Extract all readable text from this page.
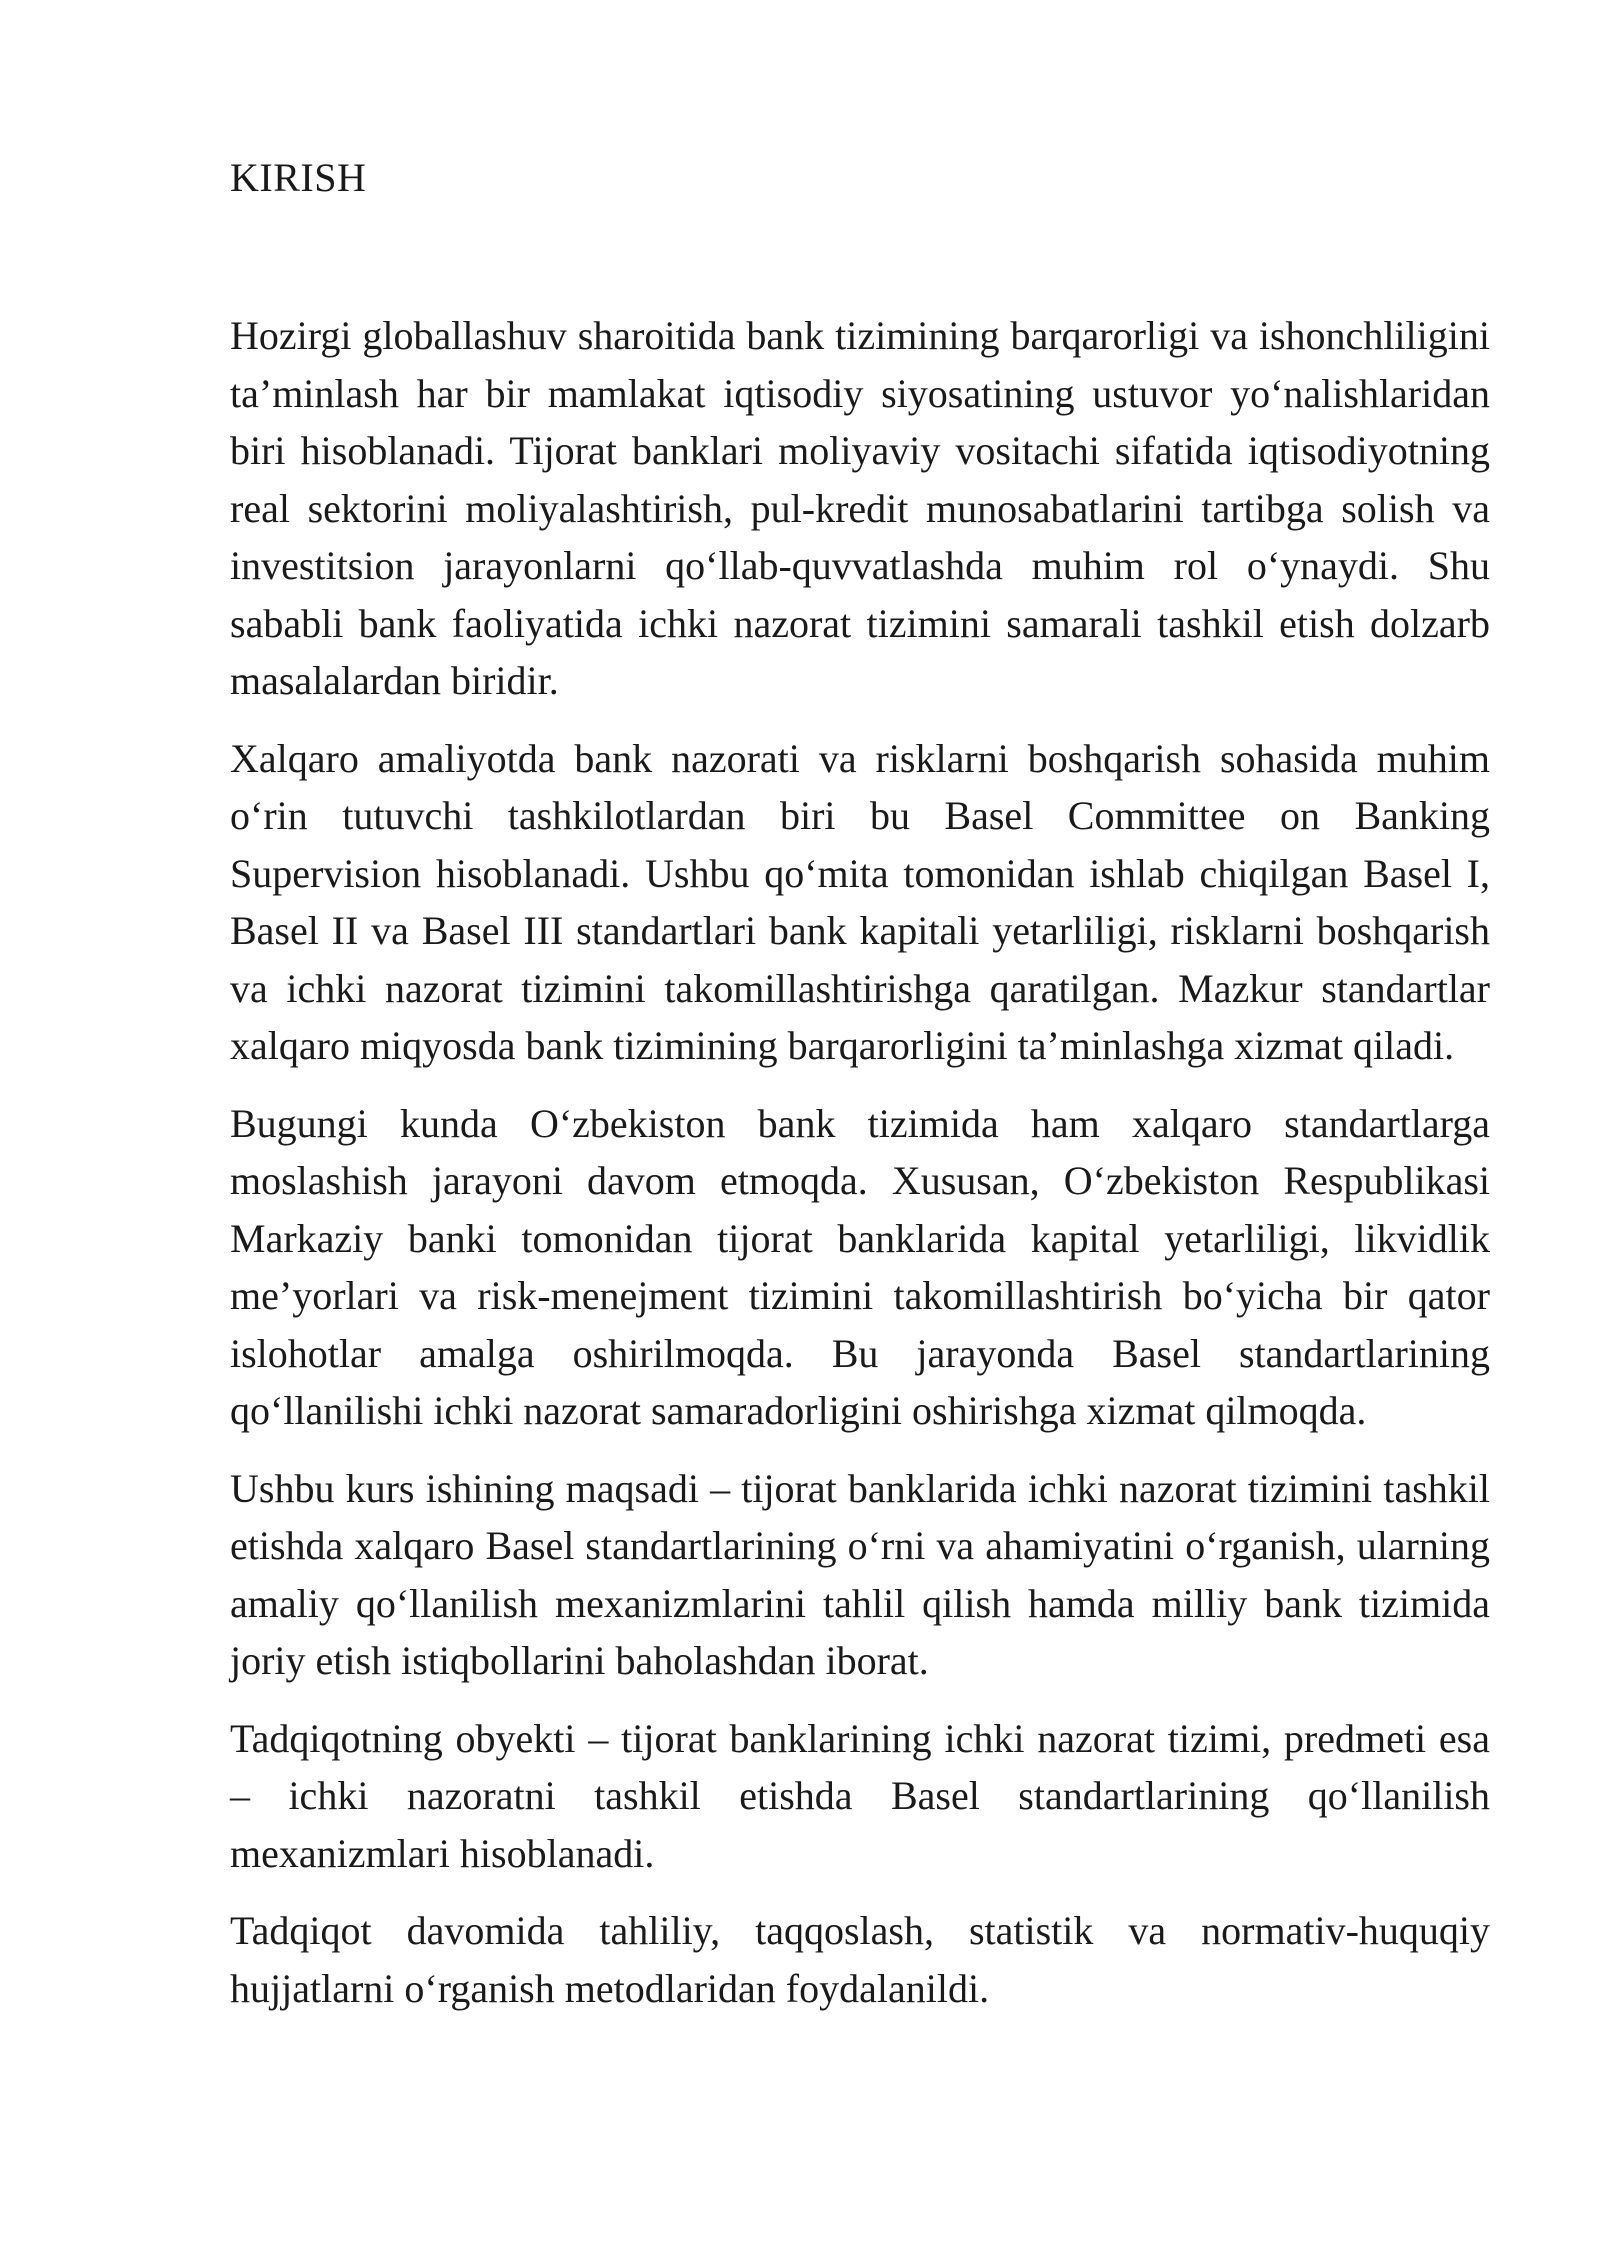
KIRISH

Hozirgi globallashuv sharoitida bank tizimining barqarorligi va ishonchliligini ta’minlash har bir mamlakat iqtisodiy siyosatining ustuvor yo‘nalishlaridan biri hisoblanadi. Tijorat banklari moliyaviy vositachi sifatida iqtisodiyotning real sektorini moliyalashtirish, pul-kredit munosabatlarini tartibga solish va investitsion jarayonlarni qo‘llab-quvvatlashda muhim rol o‘ynaydi. Shu sababli bank faoliyatida ichki nazorat tizimini samarali tashkil etish dolzarb masalalardan biridir.

Xalqaro amaliyotda bank nazorati va risklarni boshqarish sohasida muhim o‘rin tutuvchi tashkilotlardan biri bu Basel Committee on Banking Supervision hisoblanadi. Ushbu qo‘mita tomonidan ishlab chiqilgan Basel I, Basel II va Basel III standartlari bank kapitali yetarliligi, risklarni boshqarish va ichki nazorat tizimini takomillashtirishga qaratilgan. Mazkur standartlar xalqaro miqyosda bank tizimining barqarorligini ta’minlashga xizmat qiladi.

Bugungi kunda O‘zbekiston bank tizimida ham xalqaro standartlarga moslashish jarayoni davom etmoqda. Xususan, O‘zbekiston Respublikasi Markaziy banki tomonidan tijorat banklarida kapital yetarliligi, likvidlik me’yorlari va risk-menejment tizimini takomillashtirish bo‘yicha bir qator islohotlar amalga oshirilmoqda. Bu jarayonda Basel standartlarining qo‘llanilishi ichki nazorat samaradorligini oshirishga xizmat qilmoqda.

Ushbu kurs ishining maqsadi – tijorat banklarida ichki nazorat tizimini tashkil etishda xalqaro Basel standartlarining o‘rni va ahamiyatini o‘rganish, ularning amaliy qo‘llanilish mexanizmlarini tahlil qilish hamda milliy bank tizimida joriy etish istiqbollarini baholashdan iborat.

Tadqiqotning obyekti – tijorat banklarining ichki nazorat tizimi, predmeti esa – ichki nazoratni tashkil etishda Basel standartlarining qo‘llanilish mexanizmlari hisoblanadi.

Tadqiqot davomida tahliliy, taqqoslash, statistik va normativ-huquqiy hujjatlarni o‘rganish metodlaridan foydalanildi.
